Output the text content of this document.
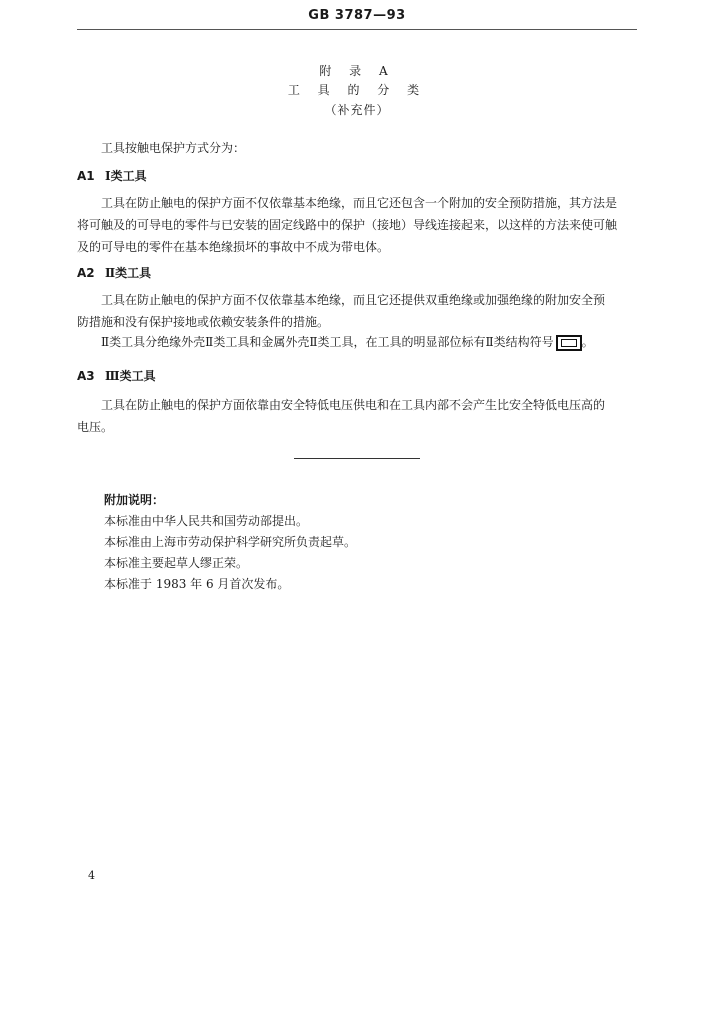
GB 3787—93
附 录 A
工 具 的 分 类
（补充件）
工具按触电保护方式分为：
A1 Ⅰ类工具
工具在防止触电的保护方面不仅依靠基本绝缘，而且它还包含一个附加的安全预防措施，其方法是
将可触及的可导电的零件与已安装的固定线路中的保护（接地）导线连接起来，以这样的方法来使可触
及的可导电的零件在基本绝缘损坏的事故中不成为带电体。
A2 Ⅱ类工具
工具在防止触电的保护方面不仅依靠基本绝缘，而且它还提供双重绝缘或加强绝缘的附加安全预
防措施和没有保护接地或依赖安装条件的措施。
Ⅱ类工具分绝缘外壳Ⅱ类工具和金属外壳Ⅱ类工具，在工具的明显部位标有Ⅱ类结构符号 。
A3 Ⅲ类工具
工具在防止触电的保护方面依靠由安全特低电压供电和在工具内部不会产生比安全特低电压高的
电压。
附加说明：
本标准由中华人民共和国劳动部提出。
本标准由上海市劳动保护科学研究所负责起草。
本标准主要起草人缪正荣。
本标准于 1983 年 6 月首次发布。
4
